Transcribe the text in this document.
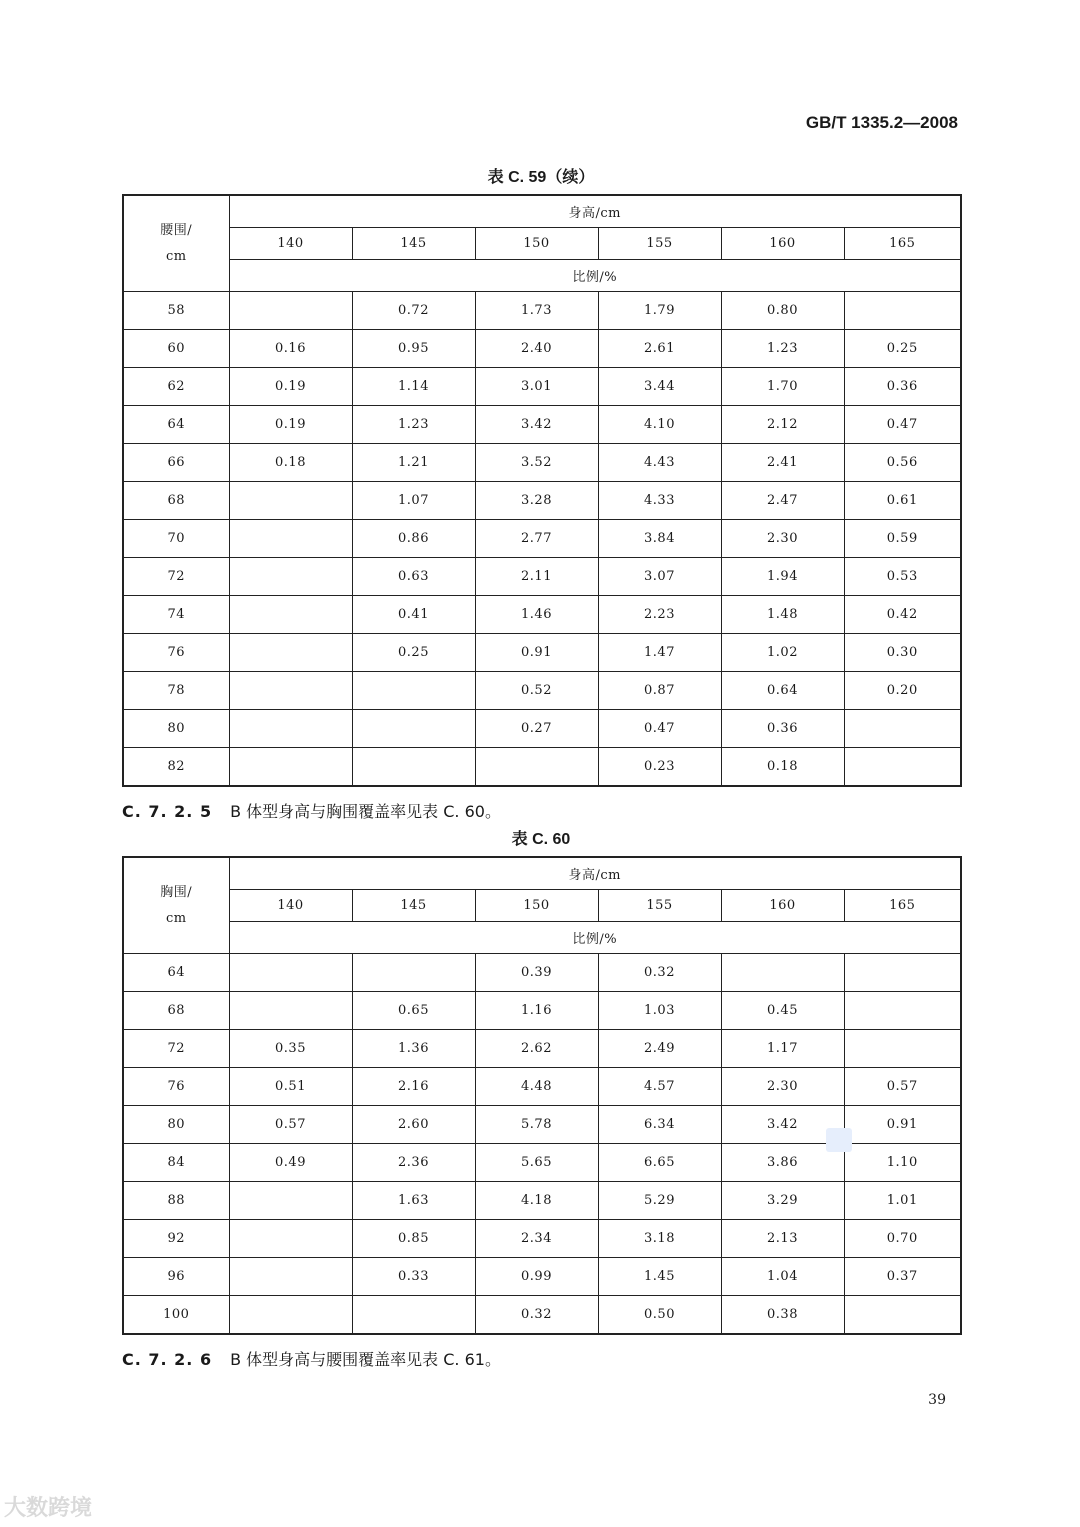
GB/T 1335.2—2008
表 C. 59（续）
腰围/
cm	身高/cm					
	140	145	150	155	160	165
	比例/%					
58		0.72	1.73	1.79	0.80	
60	0.16	0.95	2.40	2.61	1.23	0.25
62	0.19	1.14	3.01	3.44	1.70	0.36
64	0.19	1.23	3.42	4.10	2.12	0.47
66	0.18	1.21	3.52	4.43	2.41	0.56
68		1.07	3.28	4.33	2.47	0.61
70		0.86	2.77	3.84	2.30	0.59
72		0.63	2.11	3.07	1.94	0.53
74		0.41	1.46	2.23	1.48	0.42
76		0.25	0.91	1.47	1.02	0.30
78			0.52	0.87	0.64	0.20
80			0.27	0.47	0.36	
82				0.23	0.18	
C. 7. 2. 5 B 体型身高与胸围覆盖率见表 C. 60。
表 C. 60
胸围/
cm	身高/cm					
	140	145	150	155	160	165
	比例/%					
64			0.39	0.32		
68		0.65	1.16	1.03	0.45	
72	0.35	1.36	2.62	2.49	1.17	
76	0.51	2.16	4.48	4.57	2.30	0.57
80	0.57	2.60	5.78	6.34	3.42	0.91
84	0.49	2.36	5.65	6.65	3.86	1.10
88		1.63	4.18	5.29	3.29	1.01
92		0.85	2.34	3.18	2.13	0.70
96		0.33	0.99	1.45	1.04	0.37
100			0.32	0.50	0.38	
C. 7. 2. 6 B 体型身高与腰围覆盖率见表 C. 61。
39
大数跨境
